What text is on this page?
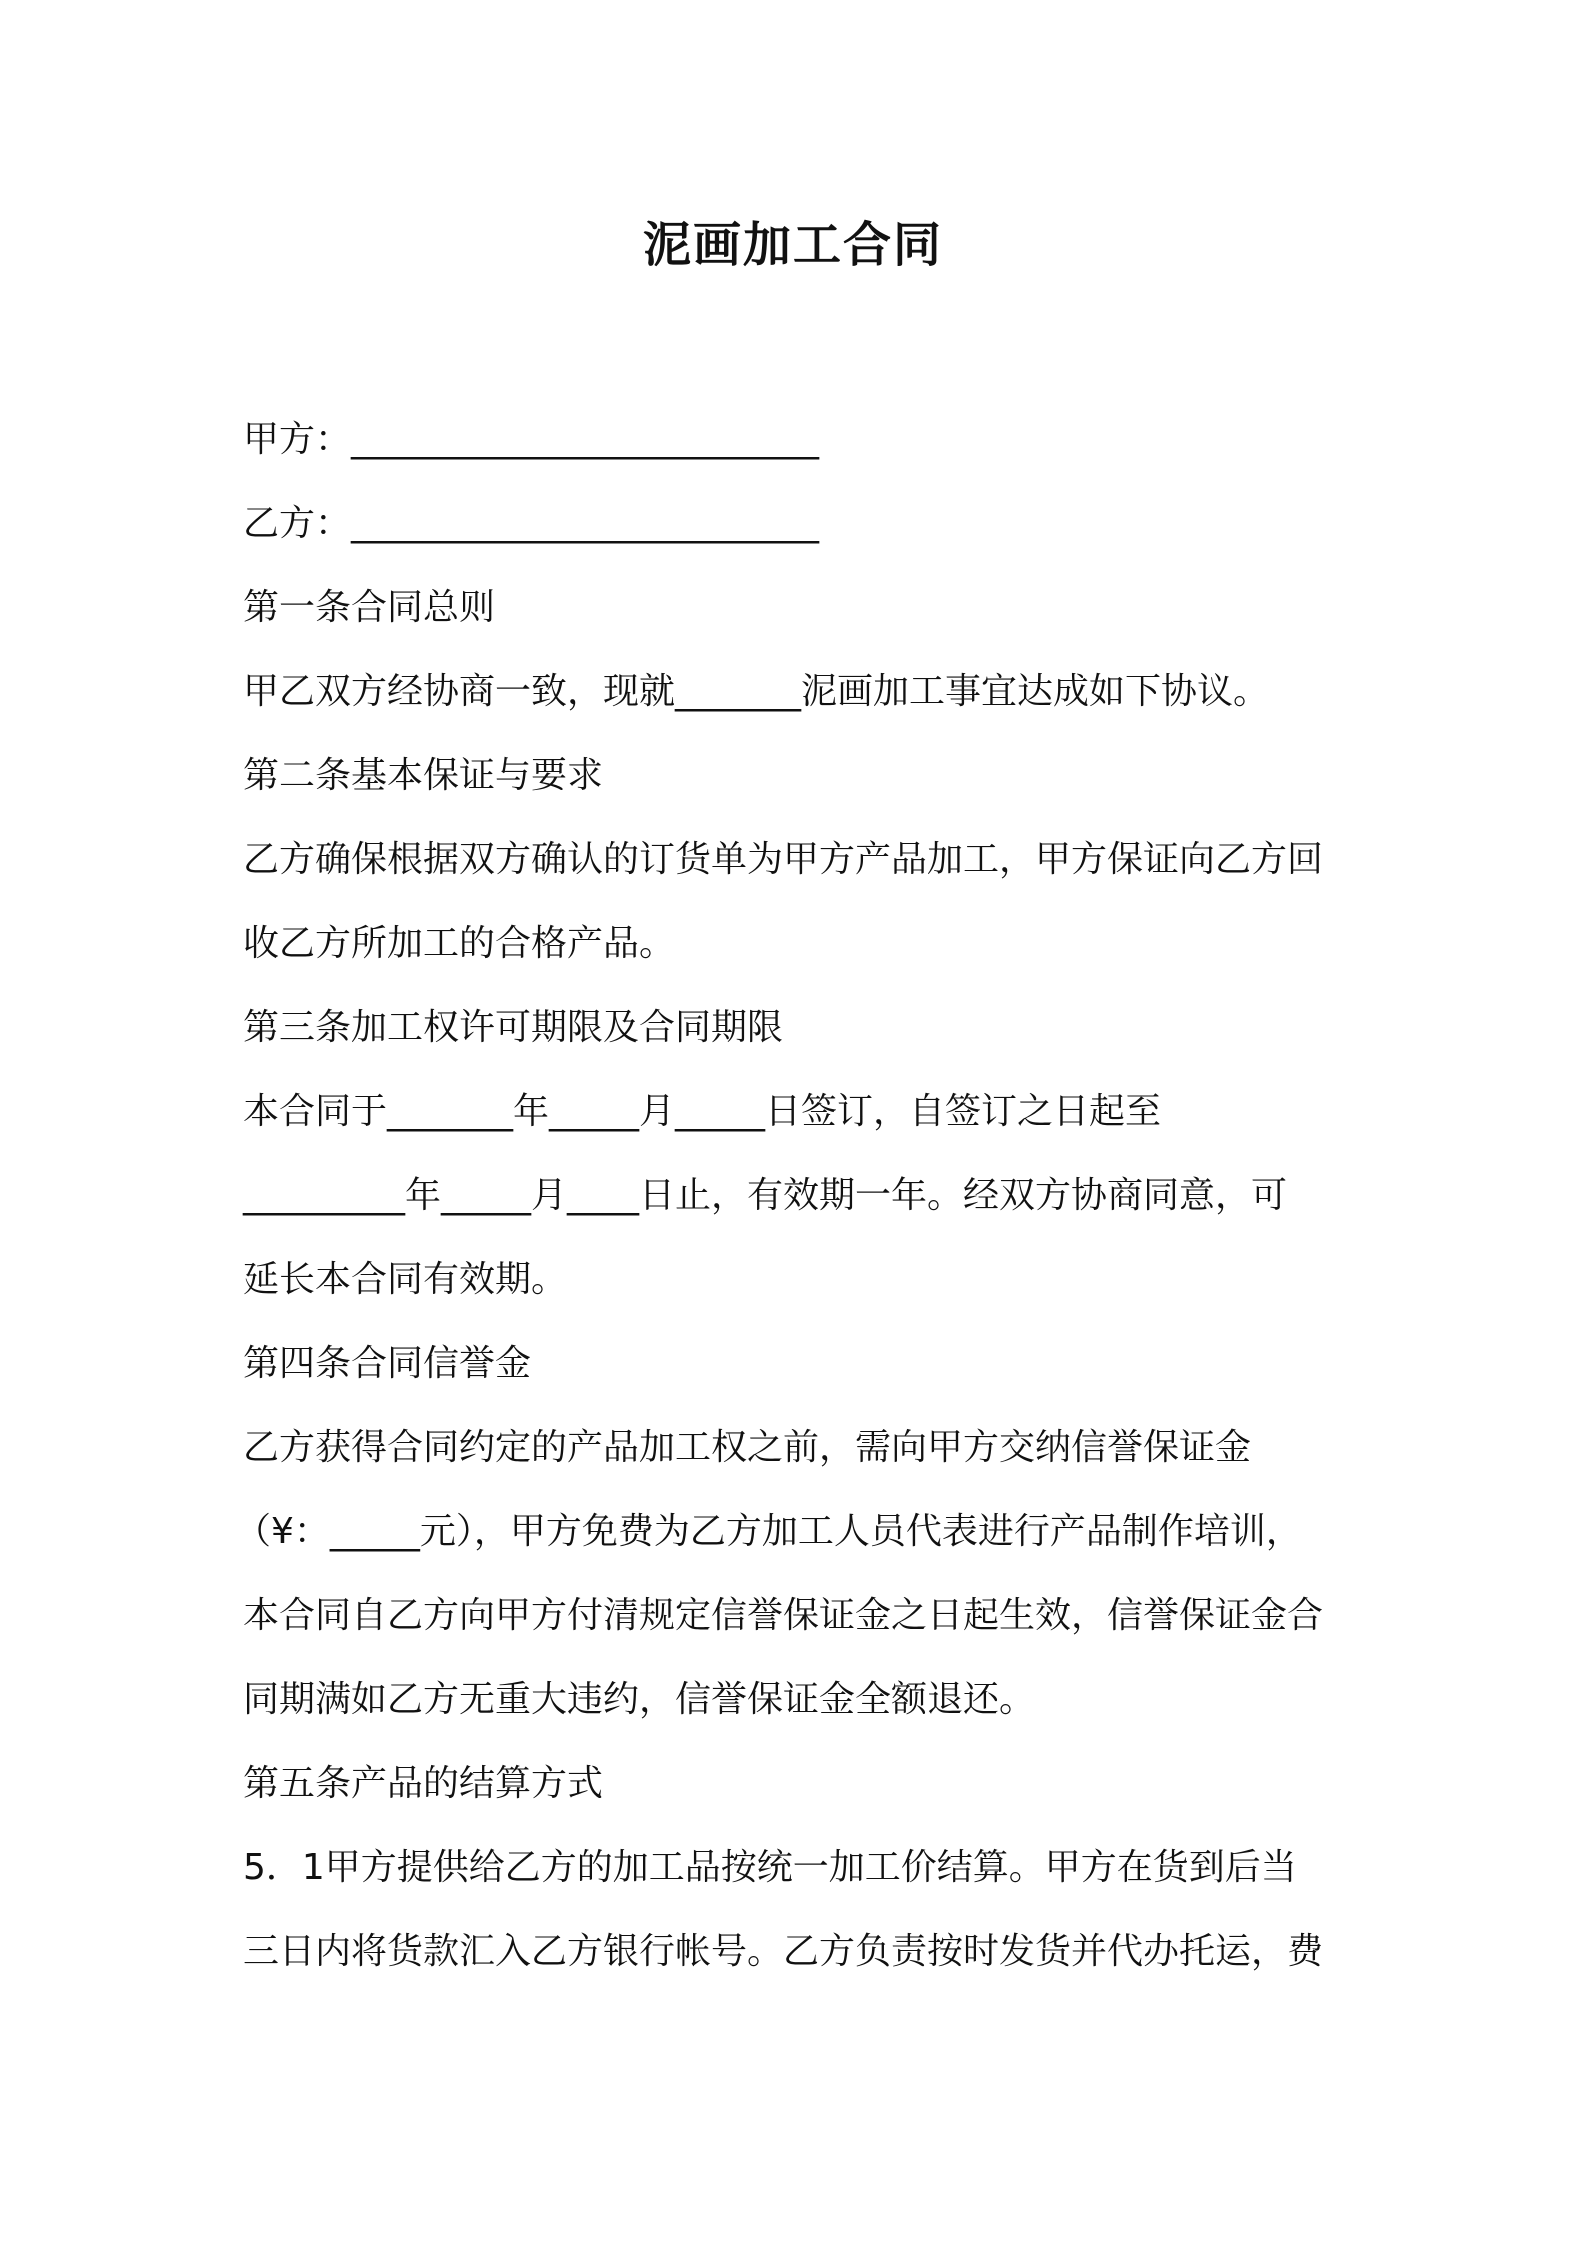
泥画加工合同
甲方：__________________________
乙方：__________________________
第一条合同总则
甲乙双方经协商一致，现就_______泥画加工事宜达成如下协议。
第二条基本保证与要求
乙方确保根据双方确认的订货单为甲方产品加工，甲方保证向乙方回
收乙方所加工的合格产品。
第三条加工权许可期限及合同期限
本合同于_______年_____月_____日签订，自签订之日起至
_________年_____月____日止，有效期一年。经双方协商同意，可
延长本合同有效期。
第四条合同信誉金
乙方获得合同约定的产品加工权之前，需向甲方交纳信誉保证金
（¥：_____元），甲方免费为乙方加工人员代表进行产品制作培训，
本合同自乙方向甲方付清规定信誉保证金之日起生效，信誉保证金合
同期满如乙方无重大违约，信誉保证金全额退还。
第五条产品的结算方式
5．1甲方提供给乙方的加工品按统一加工价结算。甲方在货到后当
三日内将货款汇入乙方银行帐号。乙方负责按时发货并代办托运，费
